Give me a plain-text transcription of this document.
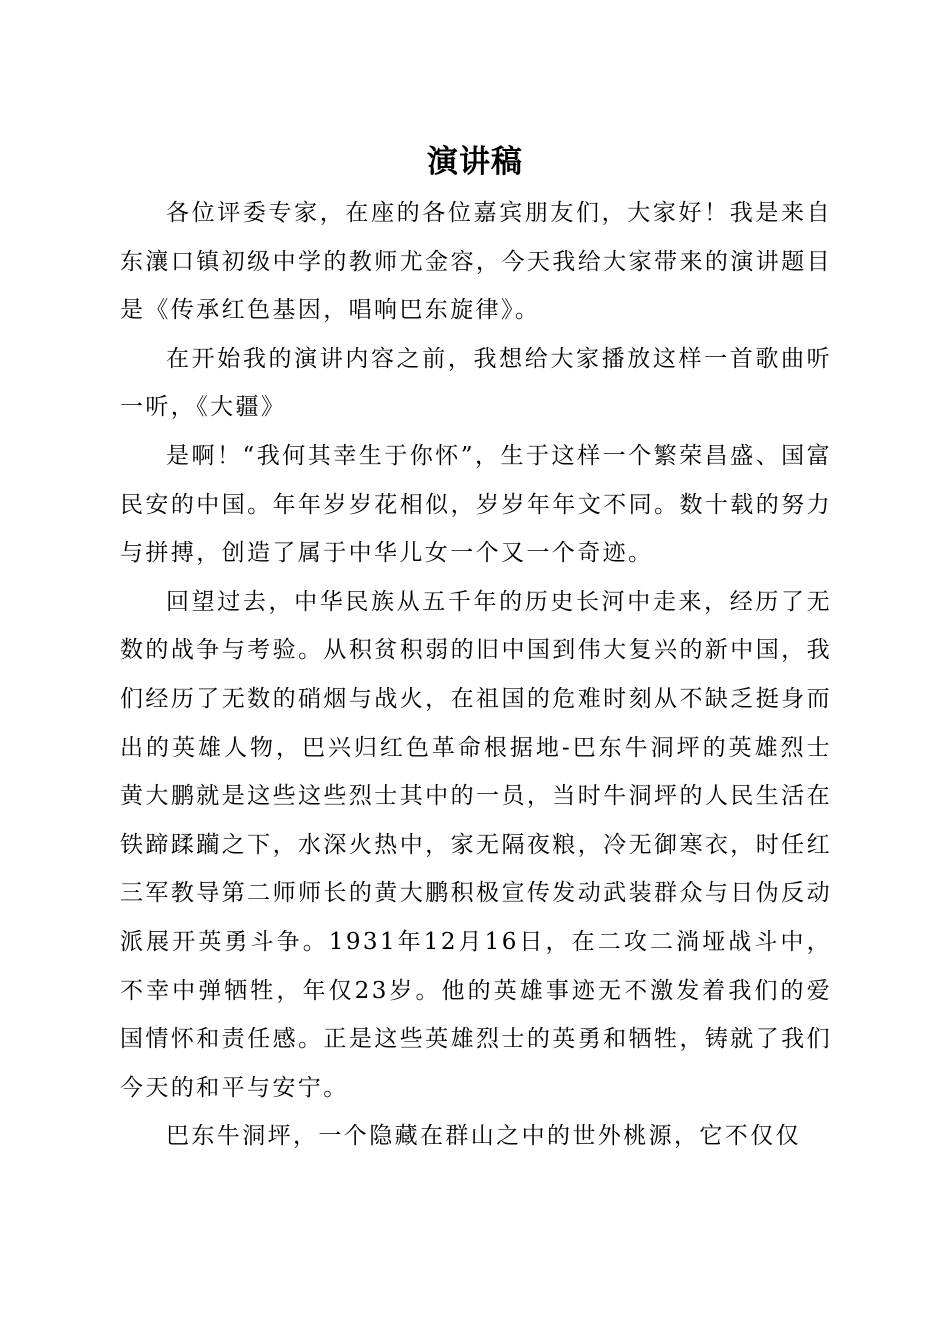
演讲稿

各位评委专家，在座的各位嘉宾朋友们，大家好！我是来自东瀼口镇初级中学的教师尤金容，今天我给大家带来的演讲题目是《传承红色基因，唱响巴东旋律》。

在开始我的演讲内容之前，我想给大家播放这样一首歌曲听一听，《大疆》

是啊！“我何其幸生于你怀”，生于这样一个繁荣昌盛、国富民安的中国。年年岁岁花相似，岁岁年年文不同。数十载的努力与拼搏，创造了属于中华儿女一个又一个奇迹。

回望过去，中华民族从五千年的历史长河中走来，经历了无数的战争与考验。从积贫积弱的旧中国到伟大复兴的新中国，我们经历了无数的硝烟与战火，在祖国的危难时刻从不缺乏挺身而出的英雄人物，巴兴归红色革命根据地-巴东牛洞坪的英雄烈士黄大鹏就是这些这些烈士其中的一员，当时牛洞坪的人民生活在铁蹄蹂躏之下，水深火热中，家无隔夜粮，冷无御寒衣，时任红三军教导第二师师长的黄大鹏积极宣传发动武装群众与日伪反动派展开英勇斗争。1931年12月16日，在二攻二淌垭战斗中，不幸中弹牺牲，年仅23岁。他的英雄事迹无不激发着我们的爱国情怀和责任感。正是这些英雄烈士的英勇和牺牲，铸就了我们今天的和平与安宁。

巴东牛洞坪，一个隐藏在群山之中的世外桃源，它不仅仅
